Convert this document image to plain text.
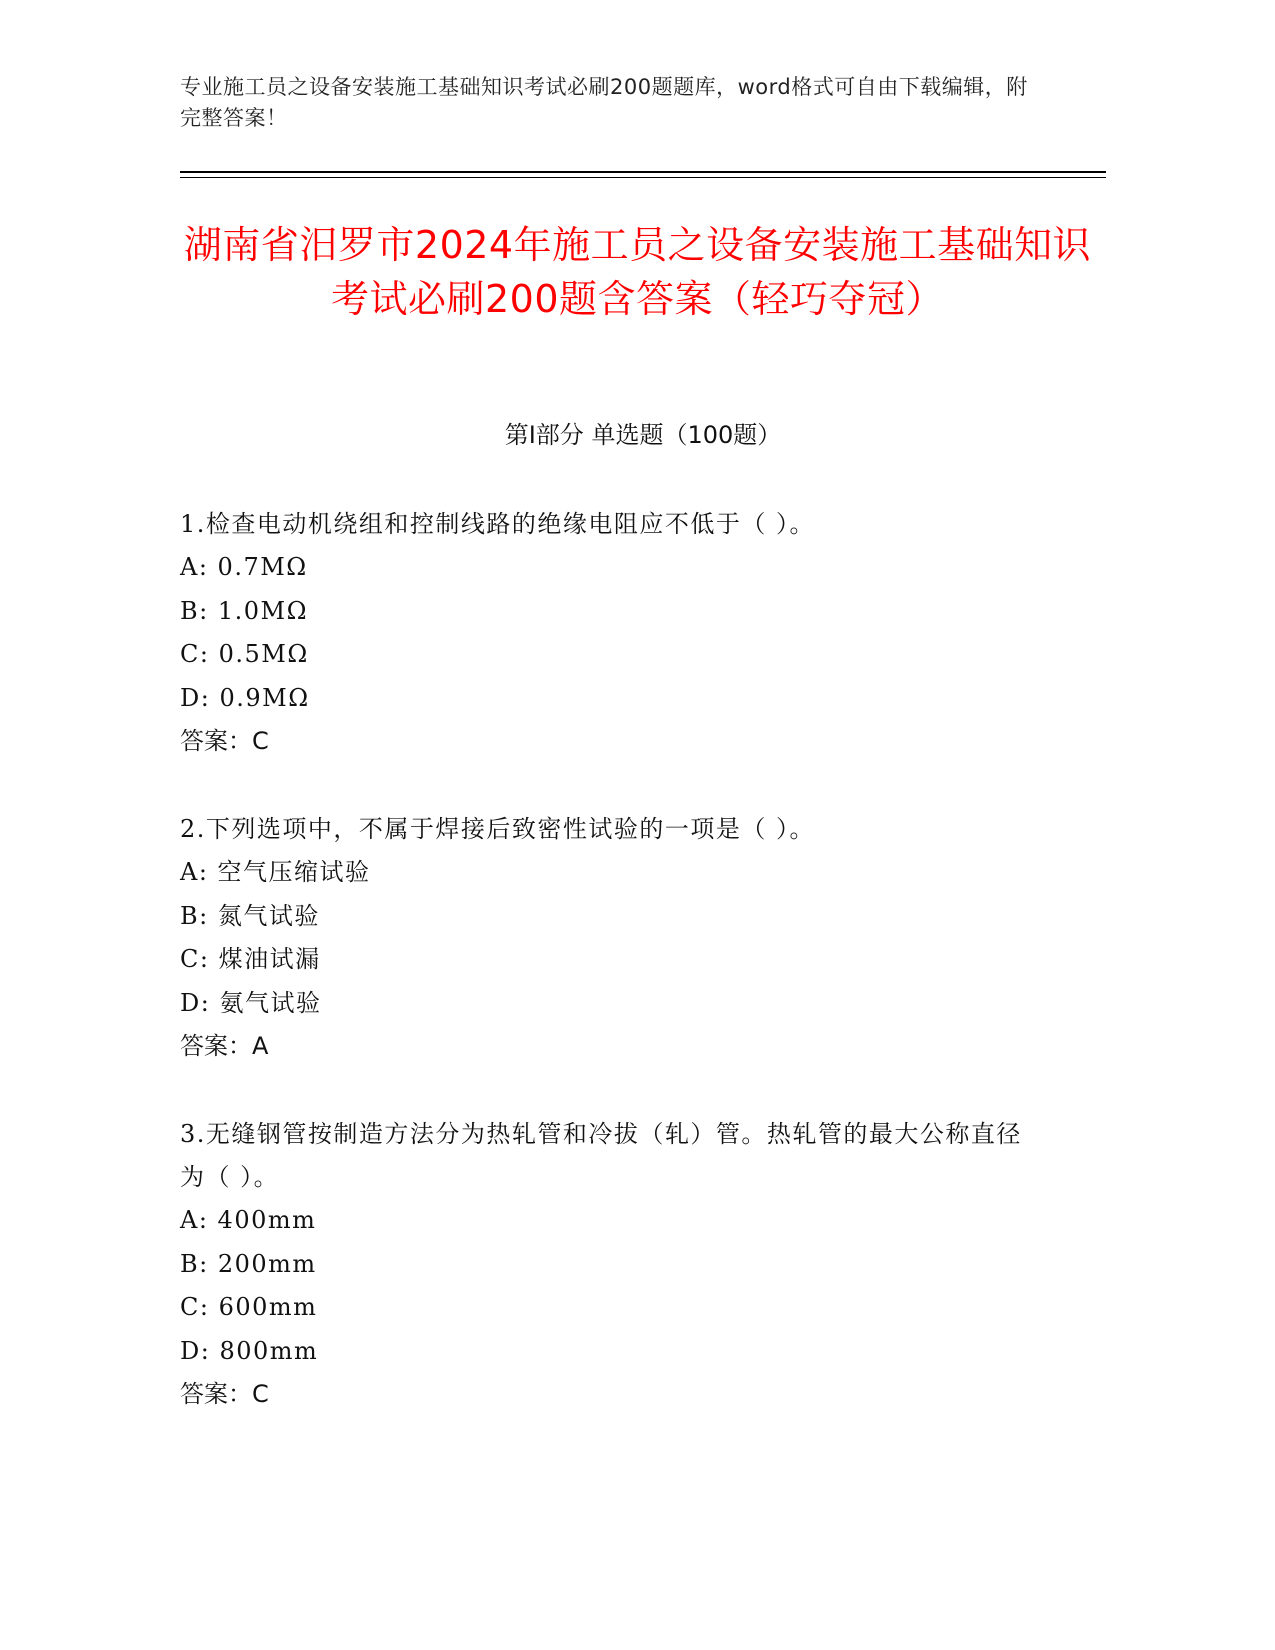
专业施工员之设备安装施工基础知识考试必刷200题题库，word格式可自由下载编辑，附完整答案！
湖南省汨罗市2024年施工员之设备安装施工基础知识考试必刷200题含答案（轻巧夺冠）
第Ⅰ部分 单选题（100题）

1.检查电动机绕组和控制线路的绝缘电阻应不低于（ ）。

A: 0.7MΩ

B: 1.0MΩ

C: 0.5MΩ

D: 0.9MΩ

答案：C

2.下列选项中，不属于焊接后致密性试验的一项是（ ）。

A: 空气压缩试验

B: 氮气试验

C: 煤油试漏

D: 氨气试验

答案：A

3.无缝钢管按制造方法分为热轧管和冷拔（轧）管。热轧管的最大公称直径为（ ）。

A: 400mm

B: 200mm

C: 600mm

D: 800mm

答案：C
